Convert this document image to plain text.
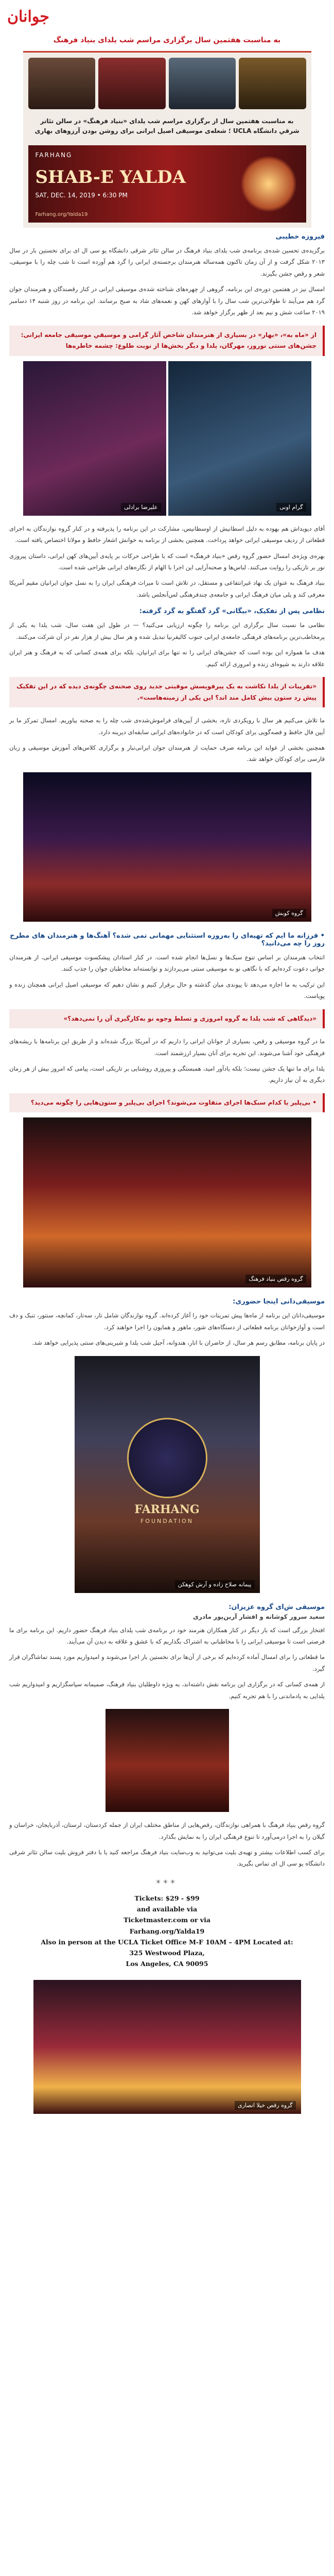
جوانان
به مناسبت هفتمین سال برگزاری مراسم شب یلدای بنیاد فرهنگ
به مناسبت هفتمین سال از برگزاری مراسم شب یلدای «بنیاد فرهنگ» در سالن تئاتر شرقیِ دانشگاه UCLA ؛ شعله‌ی موسیقی اصیل ایرانی برای روشن بودن آرزوهای بهاری
FARHANG
SHAB-E YALDA
SAT, DEC. 14, 2019 • 6:30 PM
Farhang.org/Yalda19
فیروزه خطیبی

برگزیده‌ی تحسین شده‌ی برنامه‌ی شب یلدای بنیاد فرهنگ در سالن تئاتر شرقی دانشگاه یو سی ال ای برای نخستین بار در سال ۲۰۱۳ شکل گرفت و از آن زمان تاکنون همه‌ساله هنرمندان برجسته‌ی ایرانی را گرد هم آورده است تا شب چله را با موسیقی، شعر و رقص جشن بگیرند.

امسال نیز در هفتمین دوره‌ی این برنامه، گروهی از چهره‌های شناخته شده‌ی موسیقی ایرانی در کنار رقصندگان و هنرمندان جوان گرد هم می‌آیند تا طولانی‌ترین شب سال را با آوازهای کهن و نغمه‌های شاد به صبح برسانند. این برنامه در روز شنبه ۱۴ دسامبر ۲۰۱۹ ساعت شش و نیم بعد از ظهر برگزار خواهد شد.

از «ماه‌ به»، «بهار» در بسیاری از هنرمندان شاخص آثار گرامی و موسیقیِ موسیقی جامعه ایرانی: جشن‌های سنتی نوروز، مهرگان، یلدا و دیگر بخش‌ها از نوبت طلوع: چشمه خاطره‌ها
علیرضا برادلی	گرام اونی

آقای دیوید‌اش هم بهوده به دلیل اسطانیش از اوسطانیس، مشارکت در این برنامه را پذیرفته و در کنار گروه نوازندگان به اجرای قطعاتی از ردیف موسیقی ایرانی خواهد پرداخت. همچنین بخشی از برنامه به خوانش اشعار حافظ و مولانا اختصاص یافته است.

بهره‌ی ویژه‌ی امسال حضور گروه رقص «بنیاد فرهنگ» است که با طراحی حرکات بر پایه‌ی آیین‌های کهن ایرانی، داستان پیروزی نور بر تاریکی را روایت می‌کنند. لباس‌ها و صحنه‌آرایی این اجرا با الهام از نگاره‌های ایرانی طراحی شده است.

بنیاد فرهنگ به عنوان یک نهاد غیرانتفاعی و مستقل، در تلاش است تا میراث فرهنگی ایران را به نسل جوان ایرانیان مقیم آمریکا معرفی کند و پلی میان فرهنگ ایرانی و جامعه‌ی چندفرهنگی لس‌آنجلس باشد.

نظامی پس از تفکیک، «بیگانی» گرد گفتگو به گرد گرفته:

نظامی ما نسبت سال برگزاری این برنامه را چگونه ارزیابی می‌کنید؟ — در طول این هفت سال، شب یلدا به یکی از پرمخاطب‌ترین برنامه‌های فرهنگی جامعه‌ی ایرانی جنوب کالیفرنیا تبدیل شده و هر سال بیش از هزار نفر در آن شرکت می‌کنند.

هدف ما همواره این بوده است که جشن‌های ایرانی را نه تنها برای ایرانیان، بلکه برای همه‌ی کسانی که به فرهنگ و هنر ایران علاقه دارند به شیوه‌ای زنده و امروزی ارائه کنیم.

«تفریبات از یلدا نکاشت به یک پیرفویسش موقیتی جدید روی صحنه‌ی چگونه‌ی دیده که در این تفکیک پیش رد ستون بیش کامل مند اند؟ این یکی از زمینه‌هاست».

ما تلاش می‌کنیم هر سال با رویکردی تازه، بخشی از آیین‌های فراموش‌شده‌ی شب چله را به صحنه بیاوریم. امسال تمرکز ما بر آیین فال حافظ و قصه‌گویی برای کودکان است که در خانواده‌های ایرانی سابقه‌ای دیرینه دارد.

همچنین بخشی از عواید این برنامه صرف حمایت از هنرمندان جوان ایرانی‌تبار و برگزاری کلاس‌های آموزش موسیقی و زبان فارسی برای کودکان خواهد شد.

گروه کوبش
• فرزانه ما ایم که تهیه‌ای را به‌روزه استثنایی مهمانی تمی شده؟ آهنگ‌ها و هنرمندان های مطرح روز را چه می‌دانید؟

انتخاب هنرمندان بر اساس تنوع سبک‌ها و نسل‌ها انجام شده است. در کنار استادان پیشکسوت موسیقی ایرانی، از هنرمندان جوانی دعوت کرده‌ایم که با نگاهی نو به موسیقی سنتی می‌پردازند و توانسته‌اند مخاطبان جوان را جذب کنند.

این ترکیب به ما اجازه می‌دهد تا پیوندی میان گذشته و حال برقرار کنیم و نشان دهیم که موسیقی اصیل ایرانی همچنان زنده و پویاست.

«دیدگاهی که شب یلدا به گروه امروزی و تسلط وجوه نو به‌کارگیری آن را نمی‌دهد؟»

ما در گروه موسیقی و رقص، بسیاری از جوانان ایرانی را داریم که در آمریکا بزرگ شده‌اند و از طریق این برنامه‌ها با ریشه‌های فرهنگی خود آشنا می‌شوند. این تجربه برای آنان بسیار ارزشمند است.

یلدا برای ما تنها یک جشن نیست؛ بلکه یادآور امید، همبستگی و پیروزی روشنایی بر تاریکی است، پیامی که امروز بیش از هر زمان دیگری به آن نیاز داریم.

• بی‌پلیر یا کدام سبک‌ها اجرای متفاوت می‌شوند؟ اجرای بی‌پلیر و ستون‌هایی را چگونه می‌دید؟
گروه رقص بنیاد فرهنگ
موسیقی‌دانی اینجا حضوری:

موسیقی‌دانان این برنامه از ماه‌ها پیش تمرینات خود را آغاز کرده‌اند. گروه نوازندگان شامل تار، سه‌تار، کمانچه، سنتور، تنبک و دف است و آوازخوانان برنامه قطعاتی از دستگاه‌های شور، ماهور و همایون را اجرا خواهند کرد.

در پایان برنامه، مطابق رسم هر سال، از حاضران با انار، هندوانه، آجیل شب یلدا و شیرینی‌های سنتی پذیرایی خواهد شد.

FARHANG
FOUNDATION
پیمانه صلاح زاده و آرش کوهکن
موسیقی ش‌ای گروه عزیزان:
سعید سرور کوشانه و افشار آرین‌پور مادری

افتخار بزرگی است که بار دیگر در کنار همکاران هنرمند خود در برنامه‌ی شب یلدای بنیاد فرهنگ حضور داریم. این برنامه برای ما فرصتی است تا موسیقی ایرانی را با مخاطبانی به اشتراک بگذاریم که با عشق و علاقه به دیدن آن می‌آیند.

ما قطعاتی را برای امسال آماده کرده‌ایم که برخی از آن‌ها برای نخستین بار اجرا می‌شوند و امیدواریم مورد پسند تماشاگران قرار گیرد.

از همه‌ی کسانی که در برگزاری این برنامه نقش داشته‌اند، به ویژه داوطلبان بنیاد فرهنگ، صمیمانه سپاسگزاریم و امیدواریم شب یلدایی به یادماندنی را با هم تجربه کنیم.

گروه رقص بنیاد فرهنگ با همراهی نوازندگان، رقص‌هایی از مناطق مختلف ایران از جمله کردستان، لرستان، آذربایجان، خراسان و گیلان را به اجرا درمی‌آورد تا تنوع فرهنگی ایران را به نمایش بگذارد.

برای کسب اطلاعات بیشتر و تهیه‌ی بلیت می‌توانید به وب‌سایت بنیاد فرهنگ مراجعه کنید یا با دفتر فروش بلیت سالن تئاتر شرقی دانشگاه یو سی ال ای تماس بگیرید.

***
Tickets: $29 - $99
and available via
Ticketmaster.com or via
Farhang.org/Yalda19
Also in person at the UCLA Ticket Office M-F 10AM – 4PM Located at:
325 Westwood Plaza,
Los Angeles, CA 90095
گروه رقص خیلا انصاری
